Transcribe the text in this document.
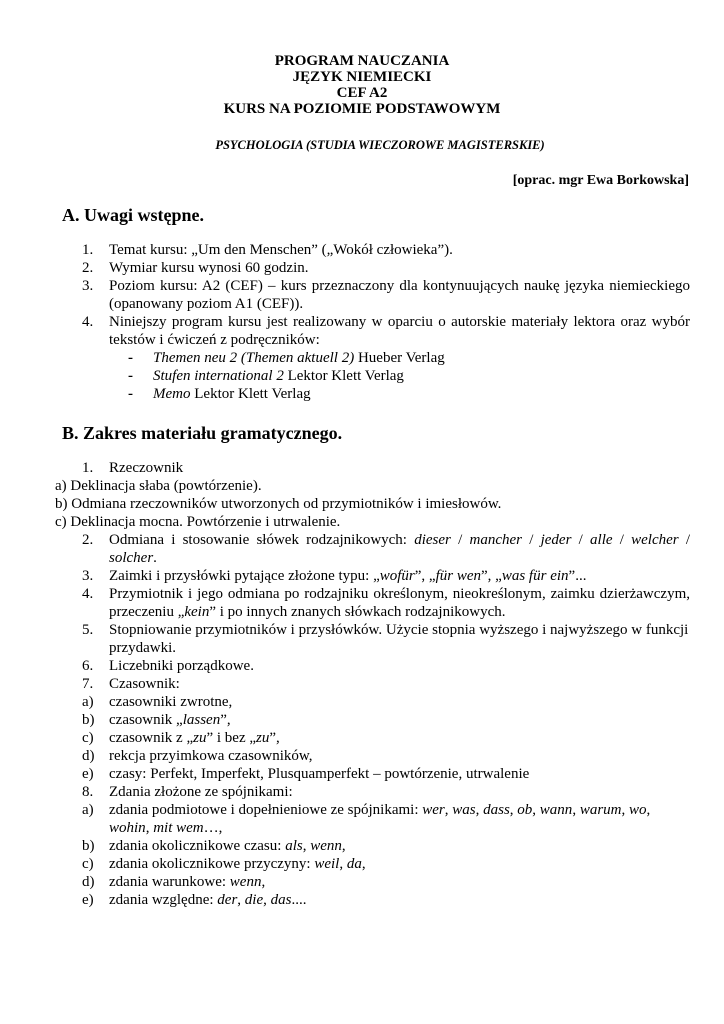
PROGRAM NAUCZANIA
JĘZYK NIEMIECKI
CEF A2
KURS NA POZIOMIE PODSTAWOWYM
PSYCHOLOGIA (STUDIA WIECZOROWE MAGISTERSKIE)
[oprac. mgr Ewa Borkowska]
A. Uwagi wstępne.
1.	Temat kursu: „Um den Menschen” („Wokół człowieka”).
2.	Wymiar kursu wynosi 60 godzin.
3.	Poziom kursu: A2 (CEF) – kurs przeznaczony dla kontynuujących naukę języka niemieckiego (opanowany poziom A1 (CEF)).
4.	Niniejszy program kursu jest realizowany w oparciu o autorskie materiały lektora oraz wybór tekstów i ćwiczeń z podręczników:
-	Themen neu 2 (Themen aktuell 2) Hueber Verlag
-	Stufen international 2 Lektor Klett Verlag
-	Memo Lektor Klett Verlag
B. Zakres materiału gramatycznego.
1.	Rzeczownik
a) Deklinacja słaba (powtórzenie).
b) Odmiana rzeczowników utworzonych od przymiotników i imiesłowów.
c) Deklinacja mocna. Powtórzenie i utrwalenie.
2.	Odmiana i stosowanie słówek rodzajnikowych: dieser / mancher / jeder / alle / welcher / solcher.
3.	Zaimki i przysłówki pytające złożone typu: „wofür”, „für wen”, „was für ein”...
4.	Przymiotnik i jego odmiana po rodzajniku określonym, nieokreślonym, zaimku dzierżawczym, przeczeniu „kein” i po innych znanych słówkach rodzajnikowych.
5.	Stopniowanie przymiotników i przysłówków. Użycie stopnia wyższego i najwyższego w funkcji przydawki.
6.	Liczebniki porządkowe.
7.	Czasownik:
a)	czasowniki zwrotne,
b) czasownik „lassen”,
c)	czasownik z „zu” i bez „zu”,
d) rekcja przyimkowa czasowników,
e)	czasy: Perfekt, Imperfekt, Plusquamperfekt – powtórzenie, utrwalenie
8.	Zdania złożone ze spójnikami:
a)	zdania podmiotowe i dopełnieniowe ze spójnikami: wer, was, dass, ob, wann, warum, wo, wohin, mit wem…,
b) zdania okolicznikowe czasu: als, wenn,
c)	zdania okolicznikowe przyczyny: weil, da,
d) zdania warunkowe: wenn,
e)	zdania względne: der, die, das....
